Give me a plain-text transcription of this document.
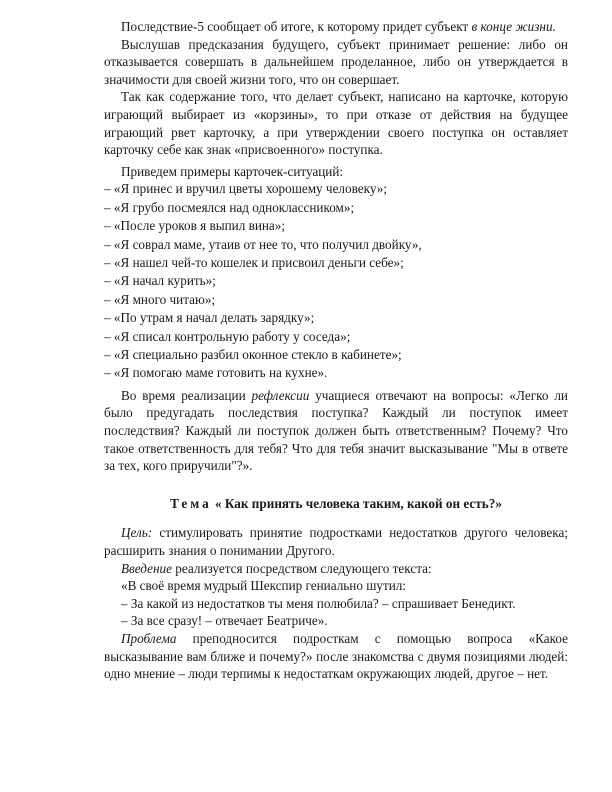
Последствие-5 сообщает об итоге, к которому придет субъект в конце жизни.

Выслушав предсказания будущего, субъект принимает решение: либо он отказывается совершать в дальнейшем проделанное, либо он утверждается в значимости для своей жизни того, что он совершает.

Так как содержание того, что делает субъект, написано на карточке, которую играющий выбирает из «корзины», то при отказе от действия на будущее играющий рвет карточку, а при утверждении своего поступка он оставляет карточку себе как знак «присвоенного» поступка.

Приведем примеры карточек-ситуаций:

– «Я принес и вручил цветы хорошему человеку»;
– «Я грубо посмеялся над одноклассником»;
– «После уроков я выпил вина»;
– «Я соврал маме, утаив от нее то, что получил двойку»,
– «Я нашел чей-то кошелек и присвоил деньги себе»;
– «Я начал курить»;
– «Я много читаю»;
– «По утрам я начал делать зарядку»;
– «Я списал контрольную работу у соседа»;
– «Я специально разбил оконное стекло в кабинете»;
– «Я помогаю маме готовить на кухне».

Во время реализации рефлексии учащиеся отвечают на вопросы: «Легко ли было предугадать последствия поступка? Каждый ли поступок имеет последствия? Каждый ли поступок должен быть ответственным? Почему? Что такое ответственность для тебя? Что для тебя значит высказывание "Мы в ответе за тех, кого приручили"?».

Тема « Как принять человека таким, какой он есть?»

Цель: стимулировать принятие подростками недостатков другого человека; расширить знания о понимании Другого.

Введение реализуется посредством следующего текста:

«В своё время мудрый Шекспир гениально шутил:

– За какой из недостатков ты меня полюбила? – спрашивает Бенедикт.

– За все сразу! – отвечает Беатриче».

Проблема преподносится подросткам с помощью вопроса «Какое высказывание вам ближе и почему?» после знакомства с двумя позициями людей: одно мнение – люди терпимы к недостаткам окружающих людей, другое – нет.
